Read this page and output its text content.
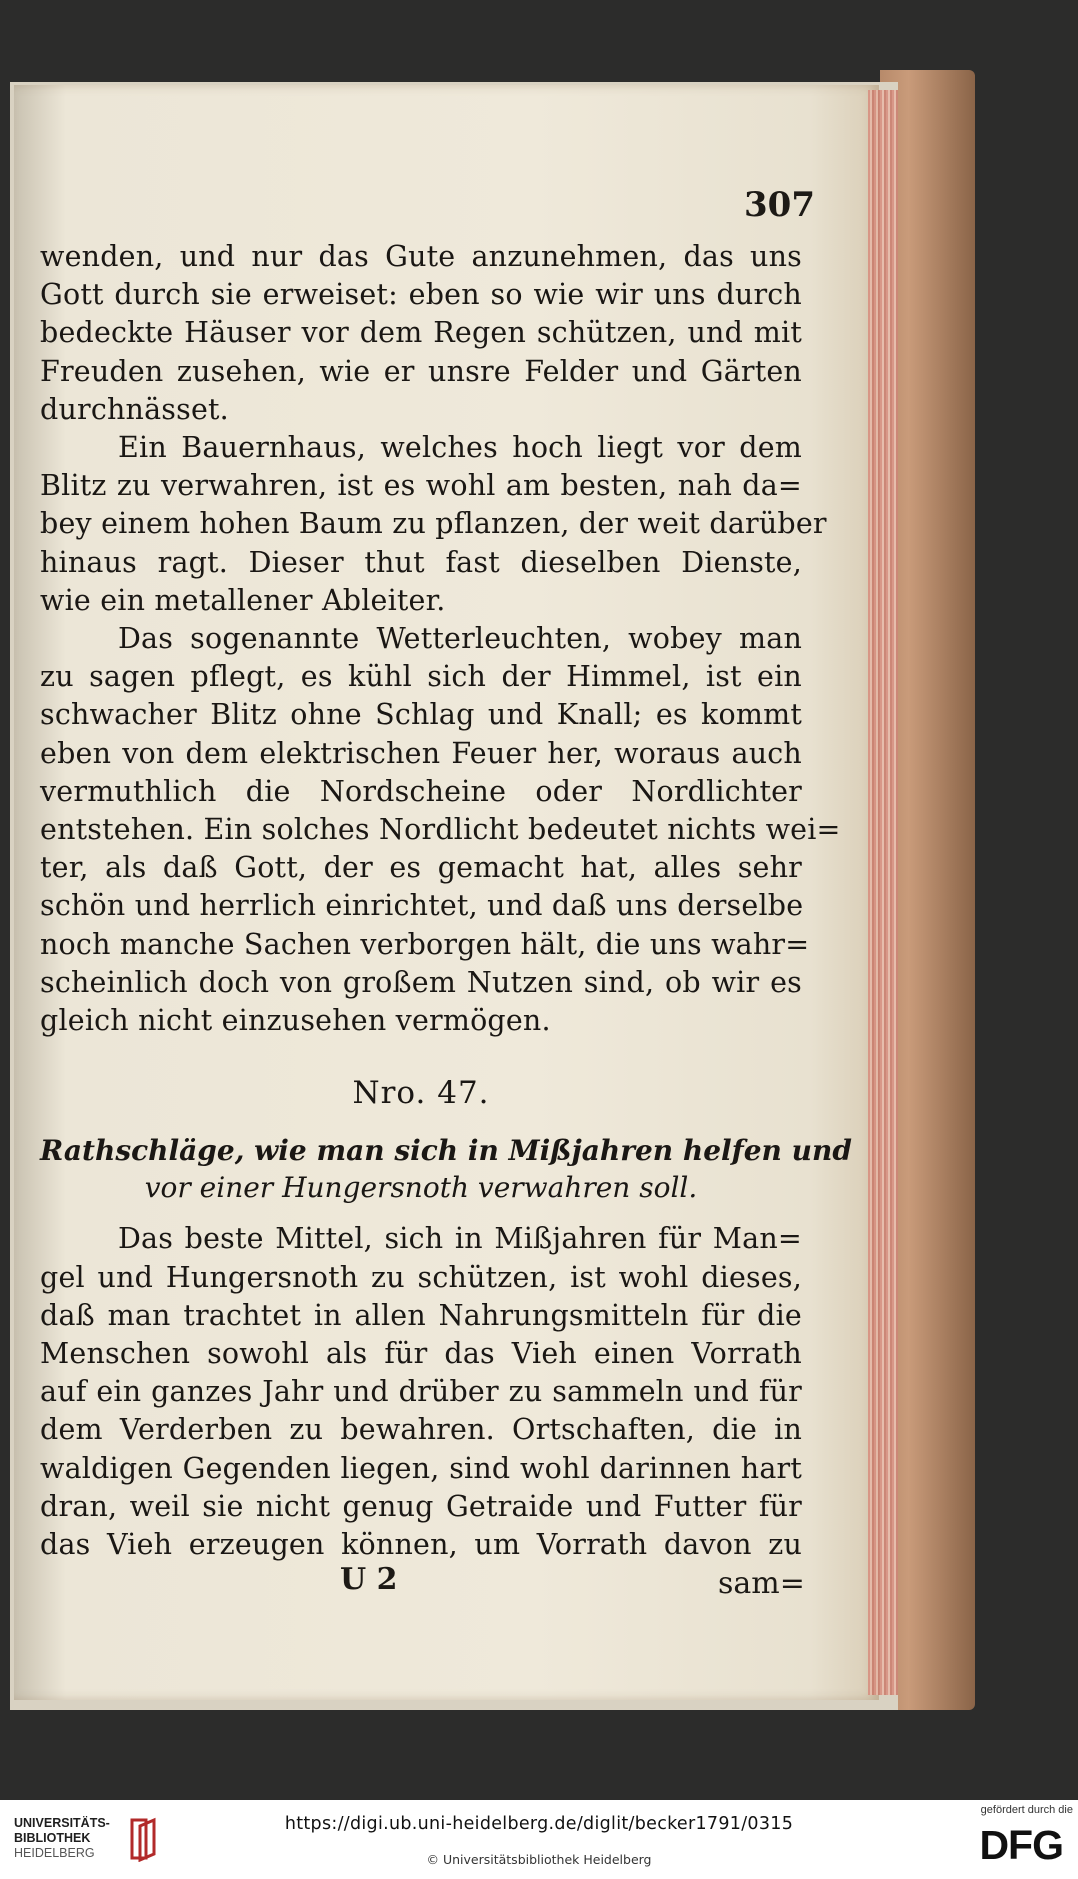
307
wenden, und nur das Gute anzunehmen, das uns
Gott durch sie erweiset: eben so wie wir uns durch
bedeckte Häuser vor dem Regen schützen, und mit
Freuden zusehen, wie er unsre Felder und Gärten
durchnässet.
Ein Bauernhaus, welches hoch liegt vor dem
Blitz zu verwahren, ist es wohl am besten, nah da=
bey einem hohen Baum zu pflanzen, der weit darüber
hinaus ragt. Dieser thut fast dieselben Dienste,
wie ein metallener Ableiter.
Das sogenannte Wetterleuchten, wobey man
zu sagen pflegt, es kühl sich der Himmel, ist ein
schwacher Blitz ohne Schlag und Knall; es kommt
eben von dem elektrischen Feuer her, woraus auch
vermuthlich die Nordscheine oder Nordlichter
entstehen. Ein solches Nordlicht bedeutet nichts wei=
ter, als daß Gott, der es gemacht hat, alles sehr
schön und herrlich einrichtet, und daß uns derselbe
noch manche Sachen verborgen hält, die uns wahr=
scheinlich doch von großem Nutzen sind, ob wir es
gleich nicht einzusehen vermögen.
Nro. 47.
Rathschläge, wie man sich in Mißjahren helfen und
vor einer Hungersnoth verwahren soll.
Das beste Mittel, sich in Mißjahren für Man=
gel und Hungersnoth zu schützen, ist wohl dieses,
daß man trachtet in allen Nahrungsmitteln für die
Menschen sowohl als für das Vieh einen Vorrath
auf ein ganzes Jahr und drüber zu sammeln und für
dem Verderben zu bewahren. Ortschaften, die in
waldigen Gegenden liegen, sind wohl darinnen hart
dran, weil sie nicht genug Getraide und Futter für
das Vieh erzeugen können, um Vorrath davon zu
U 2	sam=
UNIVERSITÄTS-
BIBLIOTHEK
HEIDELBERG
https://digi.ub.uni-heidelberg.de/diglit/becker1791/0315
© Universitätsbibliothek Heidelberg
gefördert durch die
DFG
